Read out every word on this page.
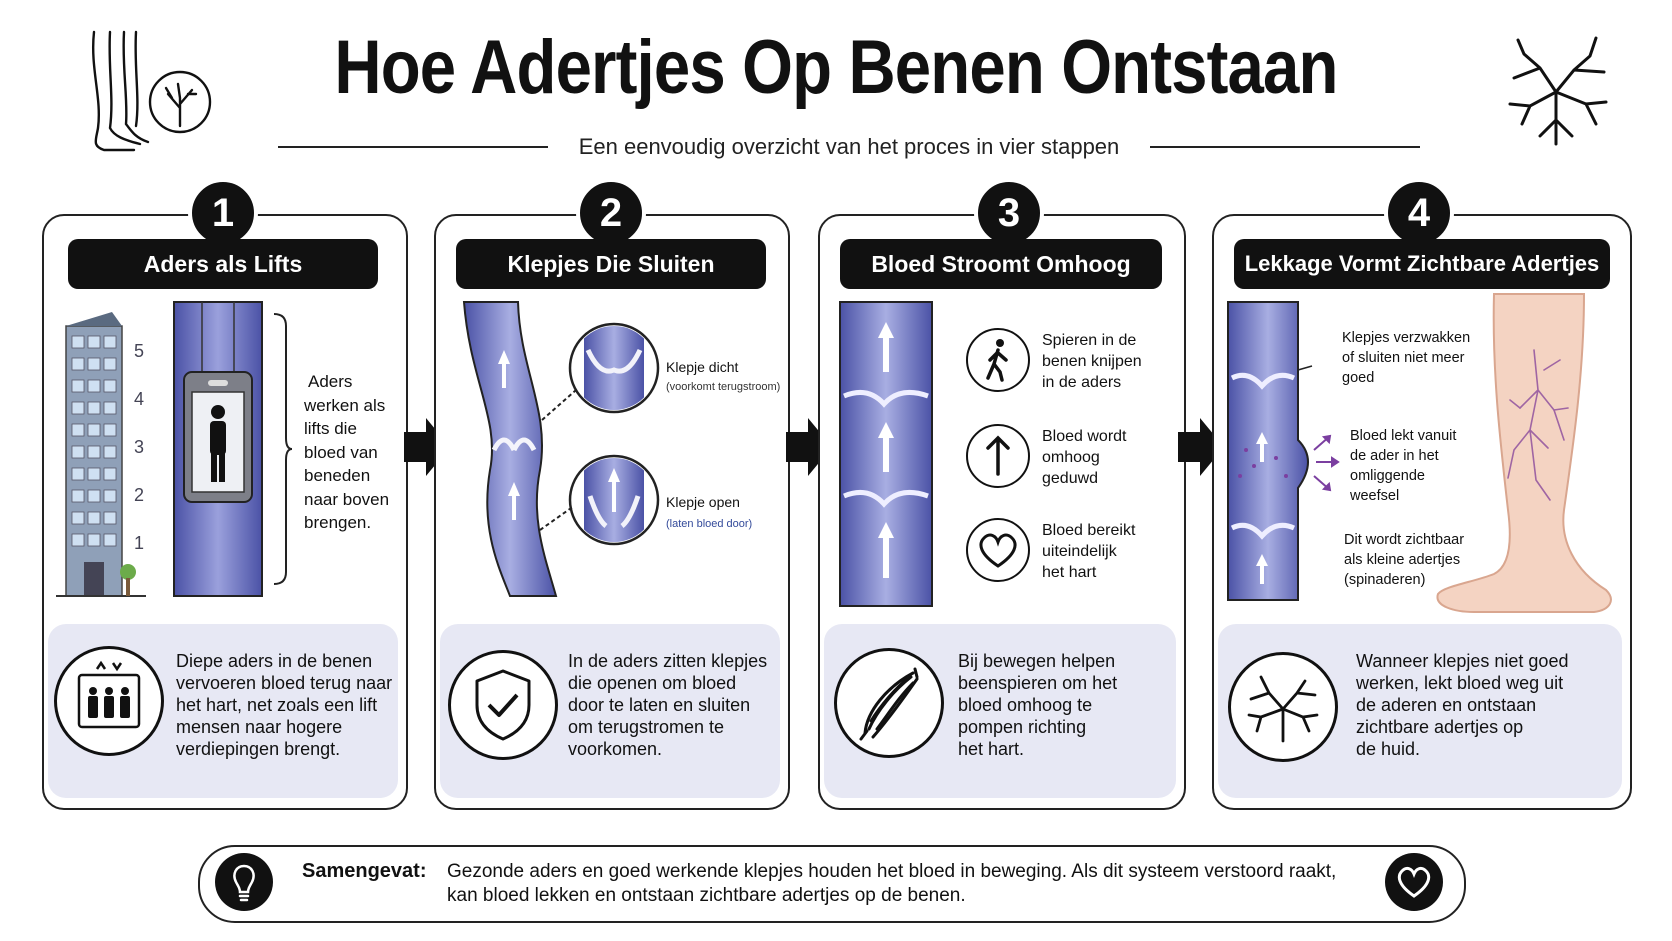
Hoe Adertjes Op Benen Ontstaan
Een eenvoudig overzicht van het proces in vier stappen
1
Aders als Lifts
5
4
3
2
1
Aders
werken als
lifts die
bloed van
beneden
naar boven
brengen.
Diepe aders in de benen
vervoeren bloed terug naar
het hart, net zoals een lift
mensen naar hogere
verdiepingen brengt.
2
Klepjes Die Sluiten
Klepje dicht
(voorkomt terugstroom)
Klepje open
(laten bloed door)
In de aders zitten klepjes
die openen om bloed
door te laten en sluiten
om terugstromen te
voorkomen.
3
Bloed Stroomt Omhoog
Spieren in de
benen knijpen
in de aders
Bloed wordt
omhoog
geduwd
Bloed bereikt
uiteindelijk
het hart
Bij bewegen helpen
beenspieren om het
bloed omhoog te
pompen richting
het hart.
4
Lekkage Vormt Zichtbare Adertjes
Klepjes verzwakken
of sluiten niet meer
goed
Bloed lekt vanuit
de ader in het
omliggende
weefsel
Dit wordt zichtbaar
als kleine adertjes
(spinaderen)
Wanneer klepjes niet goed
werken, lekt bloed weg uit
de aderen en ontstaan
zichtbare adertjes op
de huid.
Samengevat: Gezonde aders en goed werkende klepjes houden het bloed in beweging. Als dit systeem verstoord raakt,
kan bloed lekken en ontstaan zichtbare adertjes op de benen.
